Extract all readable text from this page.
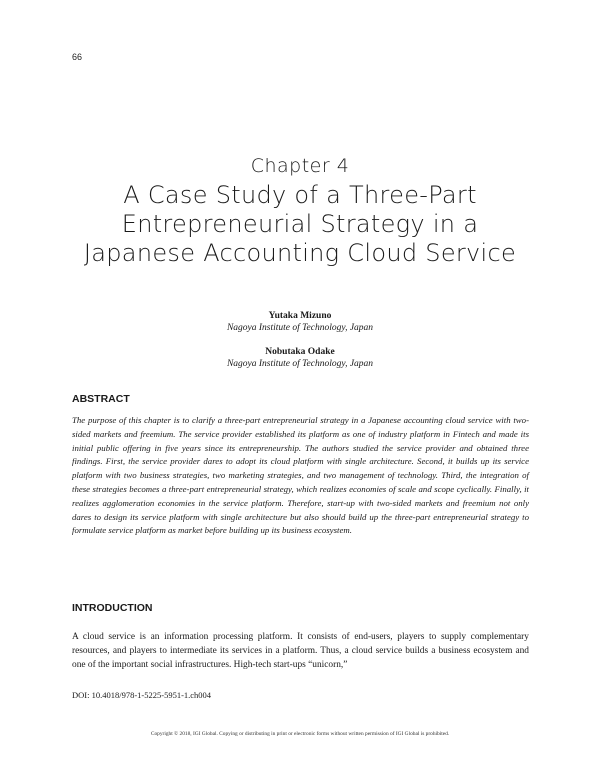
66
Chapter 4
A Case Study of a Three-Part Entrepreneurial Strategy in a Japanese Accounting Cloud Service
Yutaka Mizuno
Nagoya Institute of Technology, Japan
Nobutaka Odake
Nagoya Institute of Technology, Japan
ABSTRACT
The purpose of this chapter is to clarify a three-part entrepreneurial strategy in a Japanese accounting cloud service with two-sided markets and freemium. The service provider established its platform as one of industry platform in Fintech and made its initial public offering in five years since its entrepreneurship. The authors studied the service provider and obtained three findings. First, the service provider dares to adopt its cloud platform with single architecture. Second, it builds up its service platform with two business strategies, two marketing strategies, and two management of technology. Third, the integration of these strategies becomes a three-part entrepreneurial strategy, which realizes economies of scale and scope cyclically. Finally, it realizes agglomeration economies in the service platform. Therefore, start-up with two-sided markets and freemium not only dares to design its service platform with single architecture but also should build up the three-part entrepreneurial strategy to formulate service platform as market before building up its business ecosystem.
INTRODUCTION
A cloud service is an information processing platform. It consists of end-users, players to supply complementary resources, and players to intermediate its services in a platform. Thus, a cloud service builds a business ecosystem and one of the important social infrastructures. High-tech start-ups “unicorn,”
DOI: 10.4018/978-1-5225-5951-1.ch004
Copyright © 2018, IGI Global. Copying or distributing in print or electronic forms without written permission of IGI Global is prohibited.
